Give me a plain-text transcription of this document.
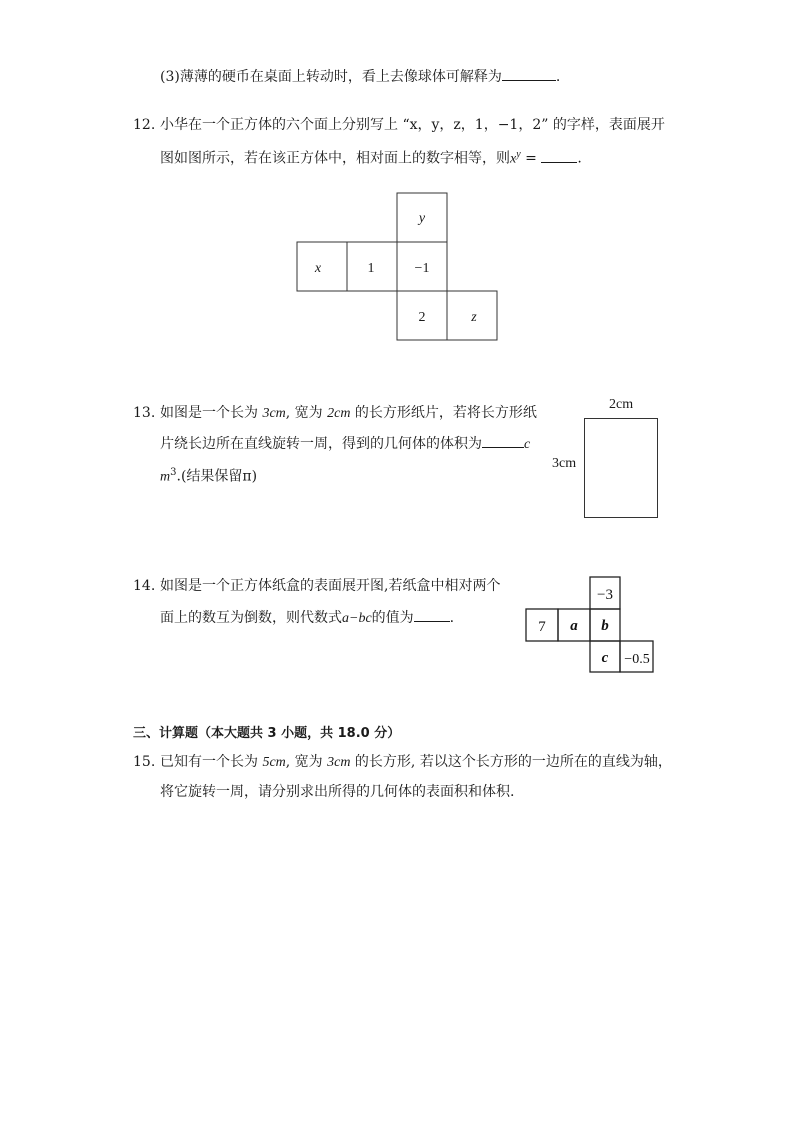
(3)薄薄的硬币在桌面上转动时，看上去像球体可解释为	.
12. 小华在一个正方体的六个面上分别写上 “x，y，z，1，−1，2” 的字样，表面展开
图如图所示，若在该正方体中，相对面上的数字相等，则$x^y$ =	.
y
x	1	−1
2	z
13. 如图是一个长为 3cm, 宽为 2cm 的长方形纸片，若将长方形纸
片绕长边所在直线旋转一周，得到的几何体的体积为	c
$m^3$.(结果保留π)
2cm
3cm
14. 如图是一个正方体纸盒的表面展开图,若纸盒中相对两个
面上的数互为倒数，则代数式a−bc的值为	.
−3
7 a b
c −0.5
三、计算题（本大题共 3 小题，共 18.0 分）
15. 已知有一个长为 5cm, 宽为 3cm 的长方形, 若以这个长方形的一边所在的直线为轴，
将它旋转一周，请分别求出所得的几何体的表面积和体积.
